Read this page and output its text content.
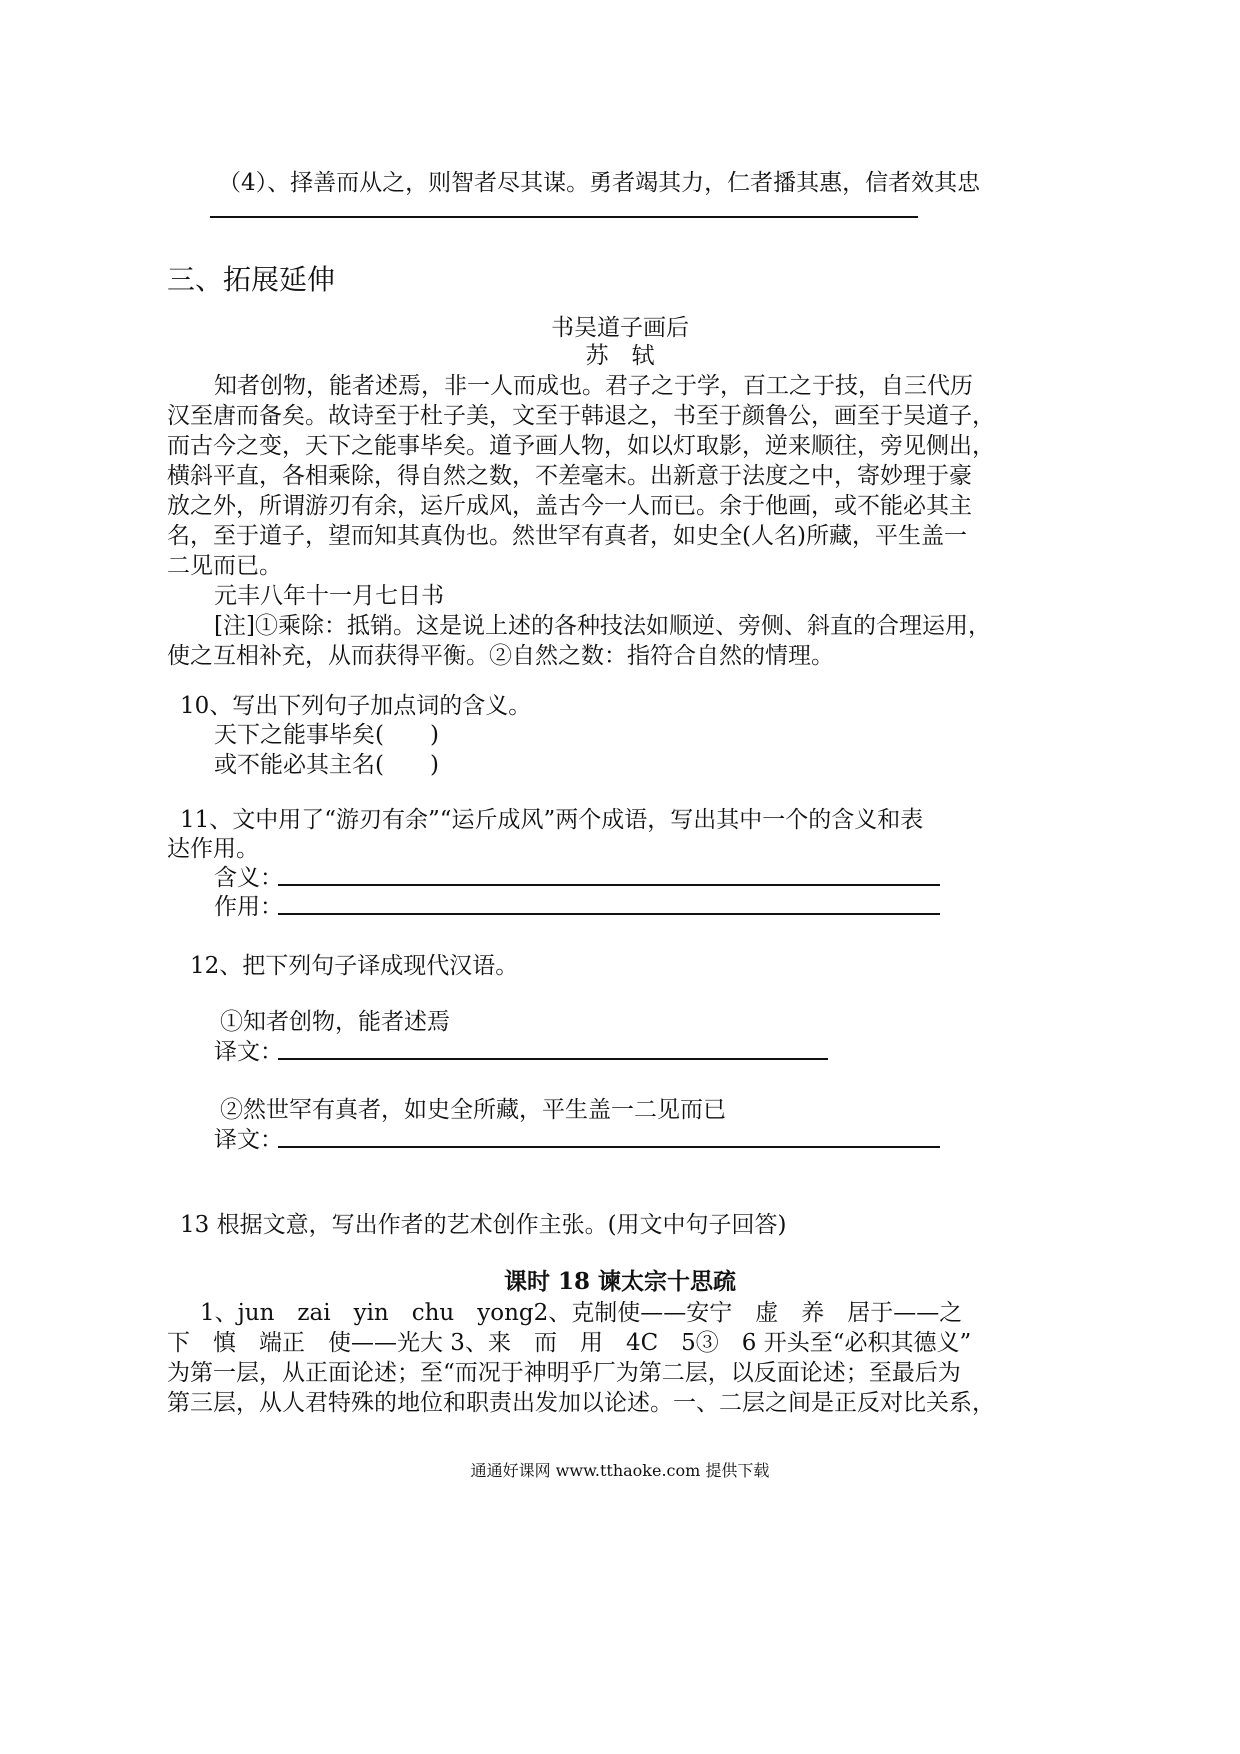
（4）、择善而从之，则智者尽其谋。勇者竭其力，仁者播其惠，信者效其忠
三、拓展延伸
书吴道子画后
苏　轼
知者创物，能者述焉，非一人而成也。君子之于学，百工之于技，自三代历
汉至唐而备矣。故诗至于杜子美，文至于韩退之，书至于颜鲁公，画至于吴道子，
而古今之变，天下之能事毕矣。道予画人物，如以灯取影，逆来顺往，旁见侧出，
横斜平直，各相乘除，得自然之数，不差毫末。出新意于法度之中，寄妙理于豪
放之外，所谓游刃有余，运斤成风，盖古今一人而已。余于他画，或不能必其主
名，至于道子，望而知其真伪也。然世罕有真者，如史全(人名)所藏，平生盖一
二见而已。
元丰八年十一月七日书
[注]①乘除：抵销。这是说上述的各种技法如顺逆、旁侧、斜直的合理运用，
使之互相补充，从而获得平衡。②自然之数：指符合自然的情理。
10、写出下列句子加点词的含义。
天下之能事毕矣(　　)
或不能必其主名(　　)
11、文中用了“游刃有余”“运斤成风”两个成语，写出其中一个的含义和表
达作用。
含义：
作用：
12、把下列句子译成现代汉语。
①知者创物，能者述焉
译文：
②然世罕有真者，如史全所藏，平生盖一二见而已
译文：
13 根据文意，写出作者的艺术创作主张。(用文中句子回答)
课时 18 谏太宗十思疏
1、jun　zai　yin　chu　yong2、克制使——安宁　虚　养　居于——之
下　慎　端正　使——光大 3、来　而　用　4C　5③　6 开头至“必积其德义”
为第一层，从正面论述；至“而况于神明乎厂为第二层，以反面论述；至最后为
第三层，从人君特殊的地位和职责出发加以论述。一、二层之间是正反对比关系，
通通好课网 www.tthaoke.com 提供下载
